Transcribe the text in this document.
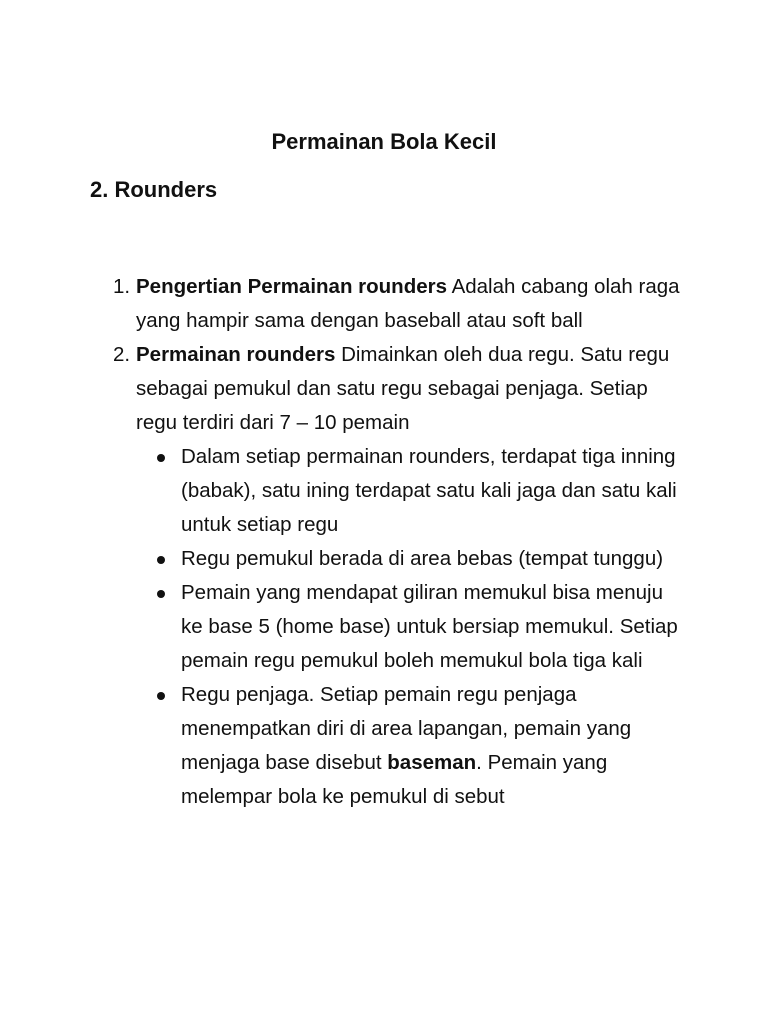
Permainan Bola Kecil
2. Rounders
1. Pengertian Permainan rounders Adalah cabang olah raga yang hampir sama dengan baseball atau soft ball
2. Permainan rounders Dimainkan oleh dua regu. Satu regu sebagai pemukul dan satu regu sebagai penjaga. Setiap regu terdiri dari 7 – 10 pemain
Dalam setiap permainan rounders, terdapat tiga inning (babak), satu ining terdapat satu kali jaga dan satu kali untuk setiap regu
Regu pemukul berada di area bebas (tempat tunggu)
Pemain yang mendapat giliran memukul bisa menuju ke base 5 (home base) untuk bersiap memukul. Setiap pemain regu pemukul boleh memukul bola tiga kali
Regu penjaga. Setiap pemain regu penjaga menempatkan diri di area lapangan, pemain yang menjaga base disebut baseman. Pemain yang melempar bola ke pemukul di sebut
